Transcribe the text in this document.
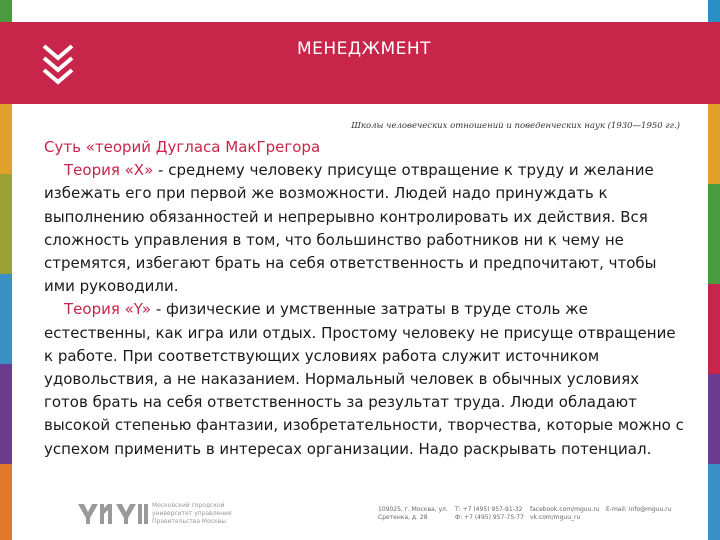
МЕНЕДЖМЕНТ
Школы человеческих отношений и поведенческих наук (1930—1950 гг.)
Суть «теорий Дугласа МакГрегора
Теория «X» - среднему человеку присуще отвращение к труду и желание избежать его при первой же возможности. Людей надо принуждать к выполнению обязанностей и непрерывно контролировать их действия. Вся сложность управления в том, что большинство работников ни к чему не стремятся, избегают брать на себя ответственность и предпочитают, чтобы ими руководили.
Теория «Y» - физические и умственные затраты в труде столь же естественны, как игра или отдых. Простому человеку не присуще отвращение к работе. При соответствующих условиях работа служит источником удовольствия, а не наказанием. Нормальный человек в обычных условиях готов брать на себя ответственность за результат труда. Люди обладают высокой степенью фантазии, изобретательности, творчества, которые можно с успехом применить в интересах организации. Надо раскрывать потенциал.
Московский городской университет управления Правительства Москвы
109025, г. Москва, ул. Сретенка, д. 28
Т: +7 (495) 957-91-32 Ф: +7 (495) 957-75-77
facebook.com/mguu.ru vk.com/mguu_ru
E-mail: info@mguu.ru
